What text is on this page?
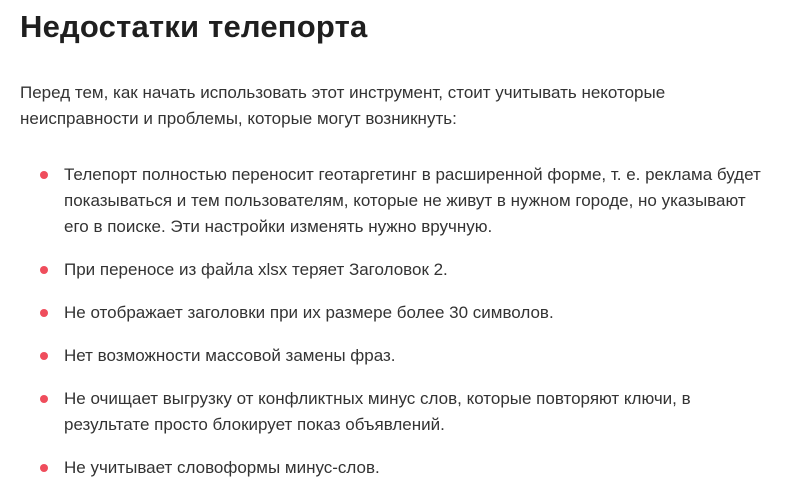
Недостатки телепорта

Перед тем, как начать использовать этот инструмент, стоит учитывать некоторые неисправности и проблемы, которые могут возникнуть:

Телепорт полностью переносит геотаргетинг в расширенной форме, т. е. реклама будет показываться и тем пользователям, которые не живут в нужном городе, но указывают его в поиске. Эти настройки изменять нужно вручную.
При переносе из файла xlsx теряет Заголовок 2.
Не отображает заголовки при их размере более 30 символов.
Нет возможности массовой замены фраз.
Не очищает выгрузку от конфликтных минус слов, которые повторяют ключи, в результате просто блокирует показ объявлений.
Не учитывает словоформы минус-слов.
